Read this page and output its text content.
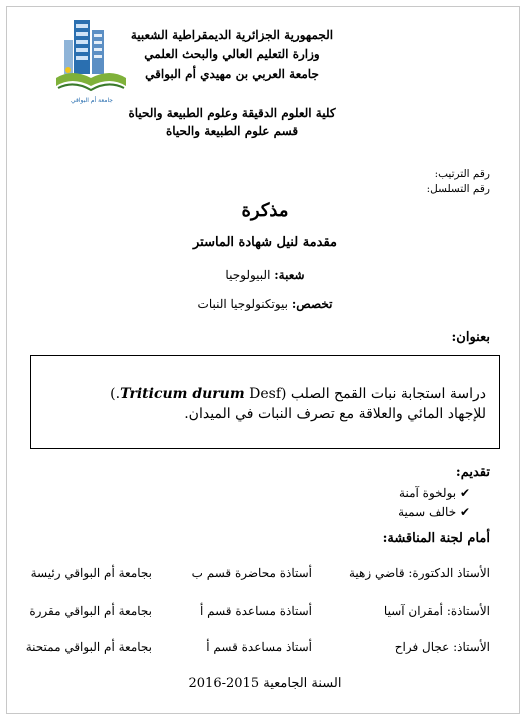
جامعة أم البواقي
الجمهورية الجزائرية الديمقراطية الشعبية
وزارة التعليم العالي والبحث العلمي
جامعة العربي بن مهيدي أم البواقي
كلية العلوم الدقيقة وعلوم الطبيعة والحياة
قسم علوم الطبيعة والحياة
رقم الترتيب:
رقم التسلسل:
مذكرة
مقدمة لنيل شهادة الماستر
شعبة: البيولوجيا
تخصص: بيوتكنولوجيا النبات
بعنوان:
دراسة استجابة نبات القمح الصلب (Triticum durum Desf.) للإجهاد المائي والعلاقة مع تصرف النبات في الميدان.
تقديم:
✔ بولخوة آمنة
✔ خالف سمية
أمام لجنة المناقشة:
الأستاذ الدكتورة: قاضي زهية
أستاذة محاضرة قسم ب
بجامعة أم البواقي رئيسة
الأستاذة: أمقران آسيا
أستاذة مساعدة قسم أ
بجامعة أم البواقي مقررة
الأستاذ: عجال فراح
أستاذ مساعدة قسم أ
بجامعة أم البواقي ممتحنة
السنة الجامعية 2015-2016
